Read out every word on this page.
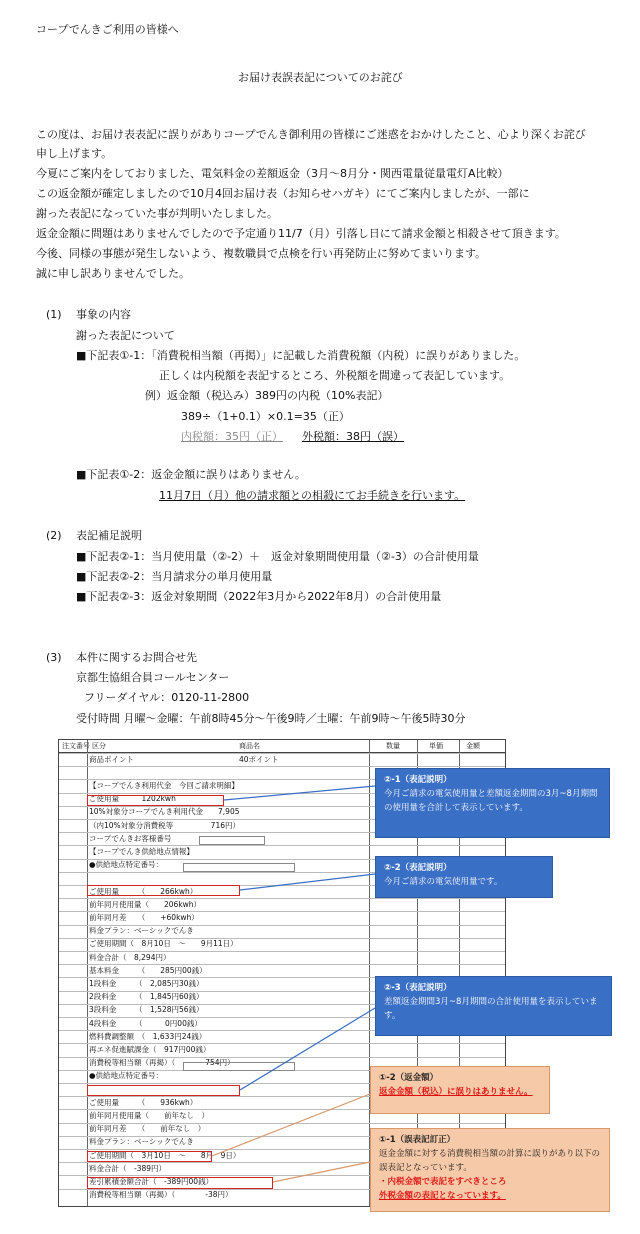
コープでんきご利用の皆様へ
お届け表誤表記についてのお詫び
この度は、お届け表表記に誤りがありコープでんき御利用の皆様にご迷惑をおかけしたこと、心より深くお詫び
申し上げます。
今夏にご案内をしておりました、電気料金の差額返金（3月～8月分・関西電量従量電灯A比較）
この返金額が確定しましたので10月4回お届け表（お知らせハガキ）にてご案内しましたが、一部に
謝った表記になっていた事が判明いたしました。
返金金額に問題はありませんでしたので予定通り11/7（月）引落し日にて請求金額と相殺させて頂きます。
今後、同様の事態が発生しないよう、複数職員で点検を行い再発防止に努めてまいります。
誠に申し訳ありませんでした。
(1) 事象の内容
謝った表記について
■下記表①-1：「消費税相当額（再掲）」に記載した消費税額（内税）に誤りがありました。
正しくは内税額を表記するところ、外税額を間違って表記しています。
例）返金額（税込み）389円の内税（10%表記）
389÷（1+0.1）×0.1=35（正）
内税額：35円（正） 外税額：38円（誤）
■下記表①-2：返金金額に誤りはありません。
11月7日（月）他の請求額との相殺にてお手続きを行います。
(2) 表記補足説明
■下記表②-1：当月使用量（②-2）＋　返金対象期間使用量（②-3）の合計使用量
■下記表②-2：当月請求分の単月使用量
■下記表②-3：返金対象期間（2022年3月から2022年8月）の合計使用量
(3) 本件に関するお問合せ先
京都生協組合員コールセンター
フリーダイヤル：0120-11-2800
受付時間 月曜～金曜：午前8時45分～午後9時／土曜：午前9時～午後5時30分
注文番号 区分	商品名	数量	単価	金額
商品ポイント　　　　　　　　　　　　　　40ポイント
【コープでんき利用代金　今回ご請求明細】
ご使用量　　　1202kwh
10%対象分コープでんき利用代金　　7,905
（内10%対象分消費税等　　　　　716円）
コープでんきお客様番号
【コープでんき供給地点情報】
●供給地点特定番号：
ご使用量　　　（　　266kwh）
前年同月使用量（　　206kwh）
前年同月差　　（　　+60kwh）
料金プラン：ベーシックでんき
ご使用期間（　8月10日　～　　9月11日）
料金合計（　8,294円）
基本料金　　　（　　285円00銭）
1段料金　　　（　2,085円30銭）
2段料金　　　（　1,845円60銭）
3段料金　　　（　1,528円56銭）
4段料金　　　（　　　0円00銭）
燃料費調整額　（　1,633円24銭）
再エネ促進賦課金（　917円00銭）
消費税等相当額（再掲）（　　　　754円）
●供給地点特定番号：
ご使用量　　　（　　936kwh）
前年同月使用量（　　前年なし　）
前年同月差　　（　　前年なし　）
料金プラン：ベーシックでんき
ご使用期間（　3月10日　～　　8月　9日）
料金合計（　-389円）
差引累積金額合計（　-389円00銭）
消費税等相当額（再掲）（　　　　-38円）
②-1（表記説明）
今月ご請求の電気使用量と差額返金期間の3月~8月期間の使用量を合計して表示しています。
②-2（表記説明）
今月ご請求の電気使用量です。
②-3（表記説明）
差額返金期間3月~8月期間の合計使用量を表示しています。
①-2（返金額）
返金金額（税込）に誤りはありません。
①-1（誤表記訂正）
返金金額に対する消費税相当額の計算に誤りがあり以下の誤表記となっています。
・内税金額で表記をすべきところ
外税金額の表記となっています。
